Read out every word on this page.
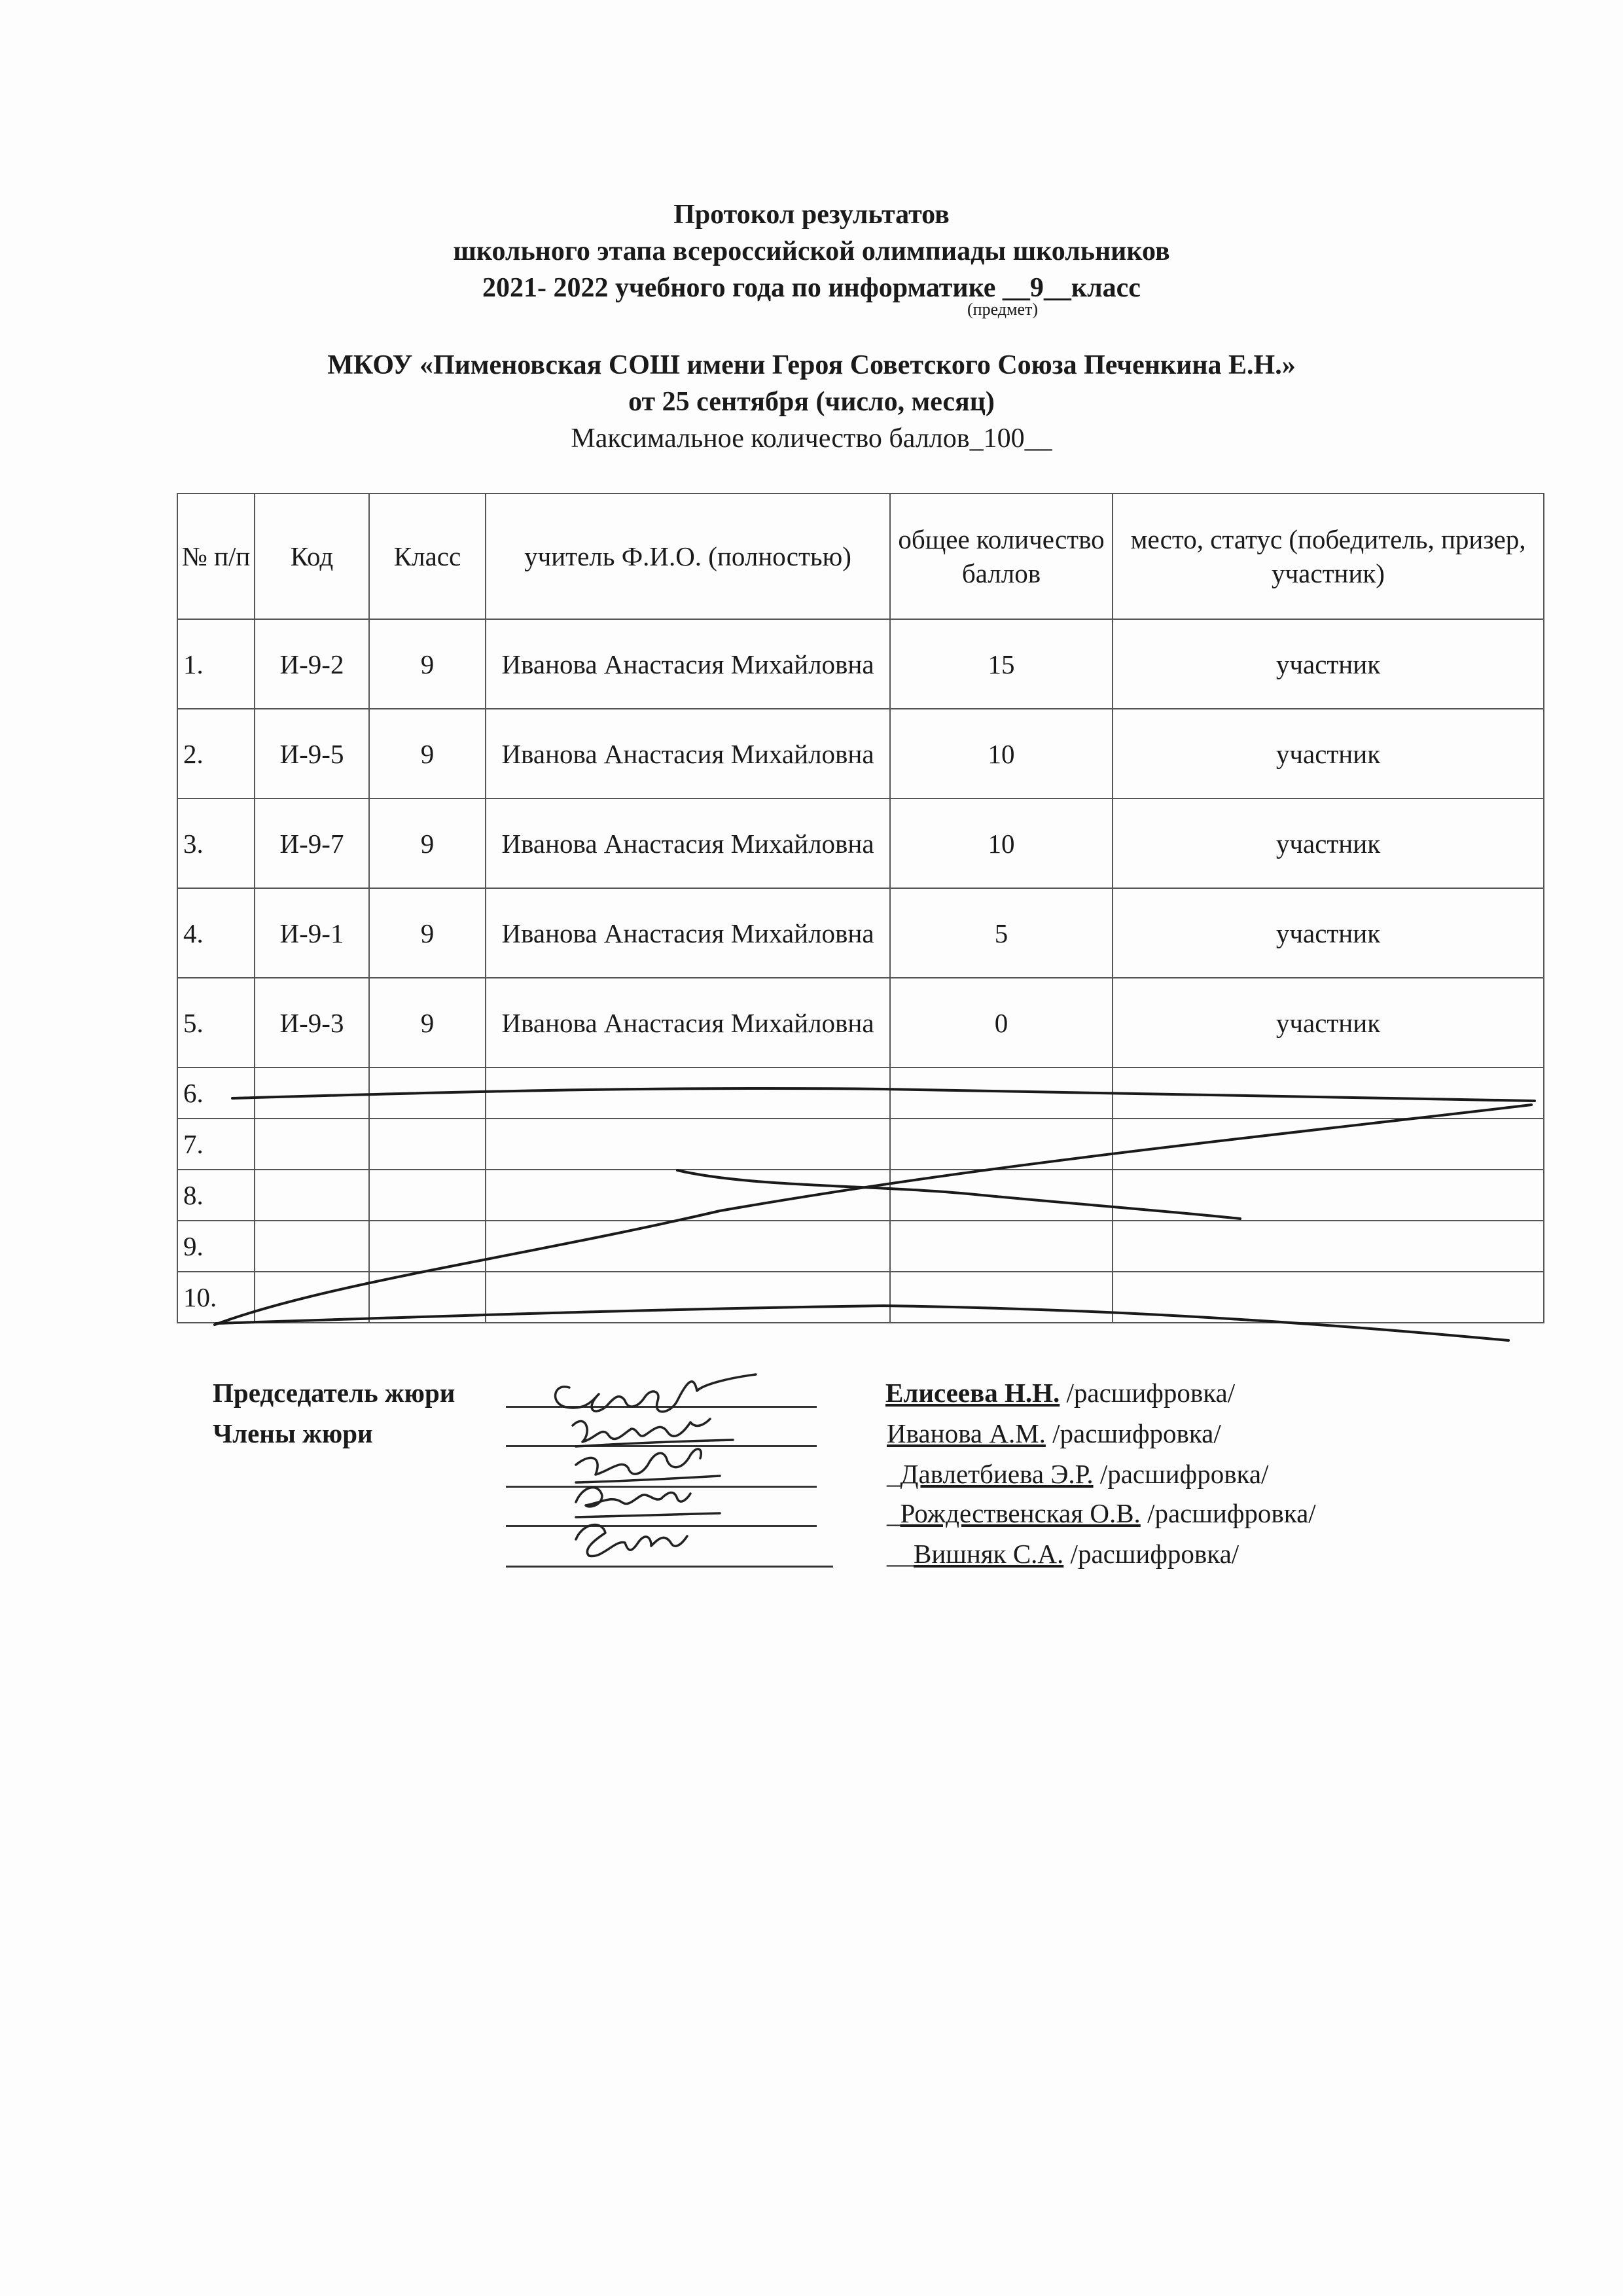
Протокол результатов
школьного этапа всероссийской олимпиады школьников
2021- 2022 учебного года по информатике __9__класс
(предмет)
МКОУ «Пименовская СОШ имени Героя Советского Союза Печенкина Е.Н.»
от 25 сентября (число, месяц)
Максимальное количество баллов_100__
№ п/п	Код	Класс	учитель Ф.И.О. (полностью)	общее количество баллов	место, статус (победитель, призер, участник)
1.	И-9-2	9	Иванова Анастасия Михайловна	15	участник
2.	И-9-5	9	Иванова Анастасия Михайловна	10	участник
3.	И-9-7	9	Иванова Анастасия Михайловна	10	участник
4.	И-9-1	9	Иванова Анастасия Михайловна	5	участник
5.	И-9-3	9	Иванова Анастасия Михайловна	0	участник
6.					
7.					
8.					
9.					
10.					
Председатель жюри	Елисеева Н.Н. /расшифровка/
Члены жюри	Иванова А.М. /расшифровка/
_Давлетбиева Э.Р. /расшифровка/
_Рождественская О.В. /расшифровка/
__Вишняк С.А. /расшифровка/
